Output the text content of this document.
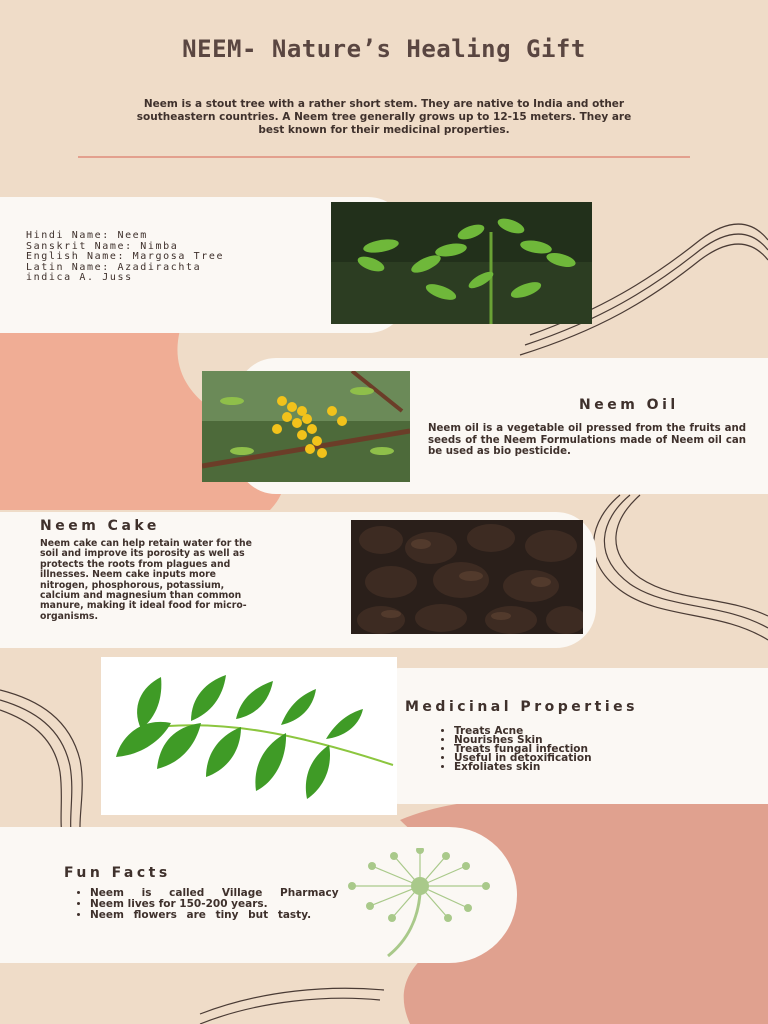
NEEM- Nature’s Healing Gift
Neem is a stout tree with a rather short stem. They are native to India and other southeastern countries. A Neem tree generally grows up to 12-15 meters. They are best known for their medicinal properties.
Hindi Name: Neem
Sanskrit Name: Nimba
English Name: Margosa Tree
Latin Name: Azadirachta
indica A. Juss
Neem Oil
Neem oil is a vegetable oil pressed from the fruits and seeds of the Neem Formulations made of Neem oil can be used as bio pesticide.
Neem Cake
Neem cake can help retain water for the soil and improve its porosity as well as protects the roots from plagues and illnesses. Neem cake inputs more nitrogen, phosphorous, potassium, calcium and magnesium than common manure, making it ideal food for micro-organisms.
Medicinal Properties
• Treats Acne
• Nourishes Skin
• Treats fungal infection
• Useful in detoxification
• Exfoliates skin
Fun Facts
• Neem is called Village Pharmacy
• Neem lives for 150-200 years.
• Neem flowers are tiny but tasty.
